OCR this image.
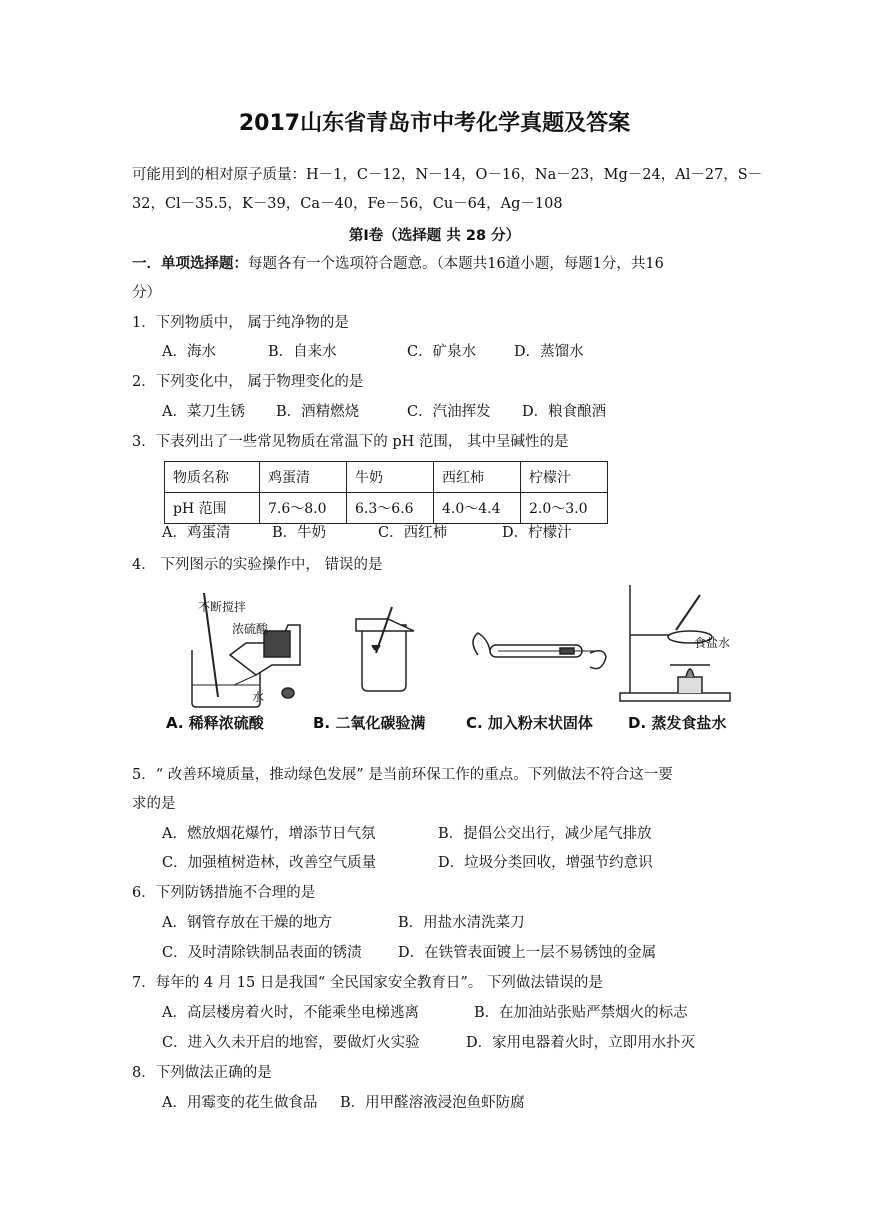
2017山东省青岛市中考化学真题及答案
可能用到的相对原子质量：H－1，C－12，N－14，O－16，Na－23，Mg－24，Al－27，S－
32，Cl－35.5，K－39，Ca－40，Fe－56，Cu－64，Ag－108
第Ⅰ卷（选择题 共 28 分）
一．单项选择题：每题各有一个选项符合题意。（本题共16道小题，每题1分，共16
分）
1．下列物质中， 属于纯净物的是
A．海水	B．自来水	C．矿泉水	D．蒸馏水
2．下列变化中， 属于物理变化的是
A．菜刀生锈 B．酒精燃烧	C．汽油挥发 D．粮食酿酒
3．下表列出了一些常见物质在常温下的 pH 范围， 其中呈碱性的是
物质名称	鸡蛋清	牛奶	西红柿	柠檬汁
pH 范围	7.6～8.0	6.3～6.6	4.0～4.4	2.0～3.0
A．鸡蛋清	B．牛奶	C．西红柿	D．柠檬汁
4． 下列图示的实验操作中， 错误的是
不断搅拌
浓硫酸
水
食盐水
A. 稀释浓硫酸	B. 二氧化碳验满	C. 加入粉末状固体 D. 蒸发食盐水
5．“ 改善环境质量，推动绿色发展” 是当前环保工作的重点。下列做法不符合这一要
求的是
A．燃放烟花爆竹，增添节日气氛	B．提倡公交出行，减少尾气排放
C．加强植树造林，改善空气质量	D．垃圾分类回收，增强节约意识
6．下列防锈措施不合理的是
A．钢管存放在干燥的地方	B．用盐水清洗菜刀
C．及时清除铁制品表面的锈渍	D．在铁管表面镀上一层不易锈蚀的金属
7．每年的 4 月 15 日是我国“ 全民国家安全教育日”。 下列做法错误的是
A．高层楼房着火时，不能乘坐电梯逃离	B．在加油站张贴严禁烟火的标志
C．进入久未开启的地窖，要做灯火实验	D．家用电器着火时，立即用水扑灭
8．下列做法正确的是
A．用霉变的花生做食品 B．用甲醛溶液浸泡鱼虾防腐
